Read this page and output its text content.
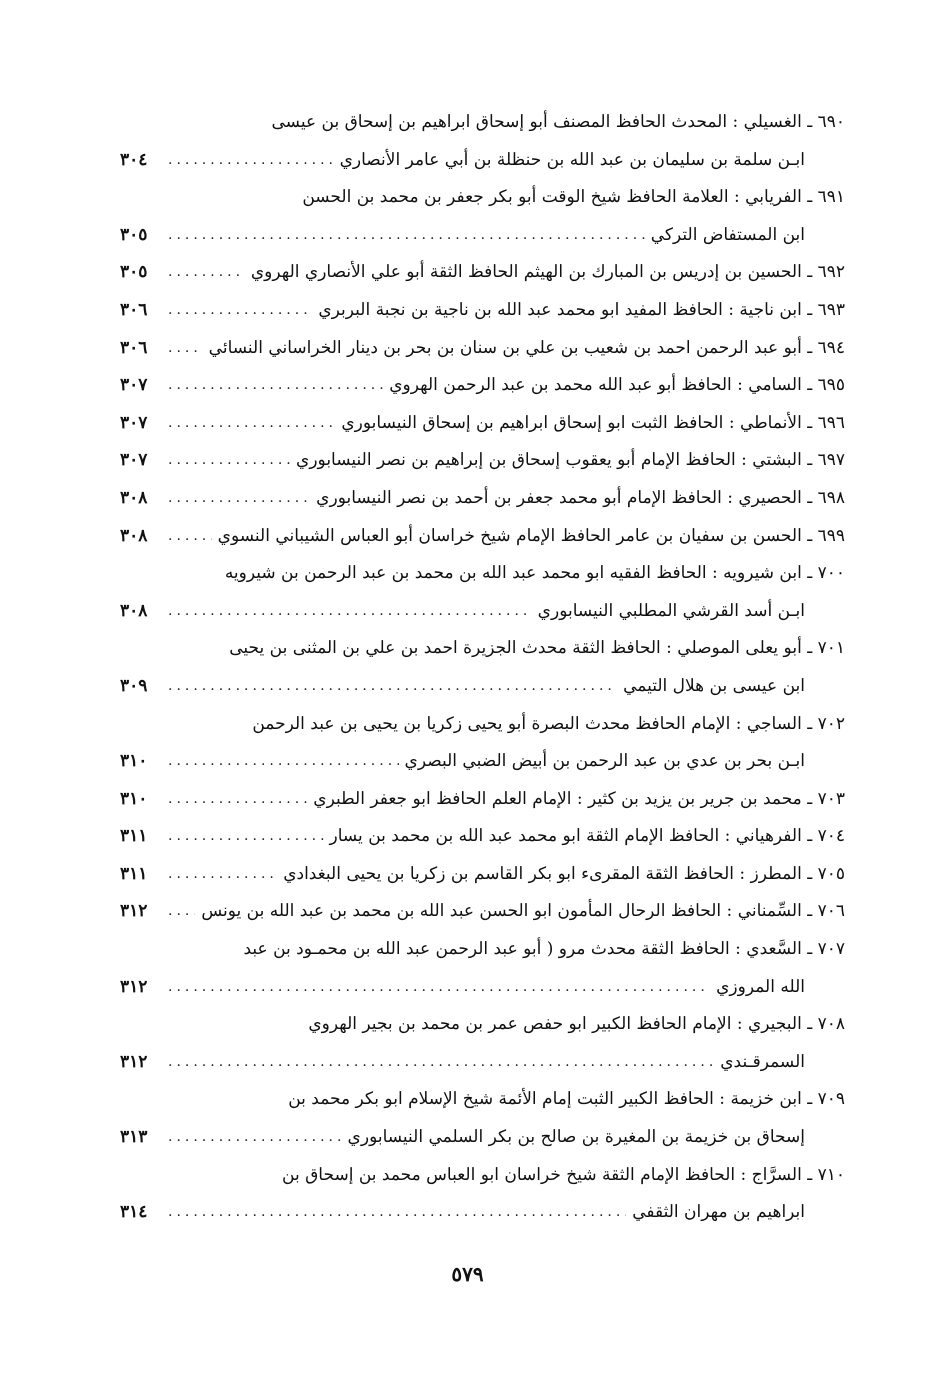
٦٩٠ ـ الغسيلي : المحدث الحافظ المصنف أبو إسحاق ابراهيم بن إسحاق بن عيسى
ابـن سلمة بن سليمان بن عبد الله بن حنظلة بن أبي عامر الأنصاري
.....
٣٠٤
٦٩١ ـ الفريابي : العلامة الحافظ شيخ الوقت أبو بكر جعفر بن محمد بن الحسن
ابن المستفاض التركي
.....
٣٠٥
٦٩٢ ـ الحسين بن إدريس بن المبارك بن الهيثم الحافظ الثقة أبو علي الأنصاري الهروي
.....
٣٠٥
٦٩٣ ـ ابن ناجية : الحافظ المفيد ابو محمد عبد الله بن ناجية بن نجبة البربري
.....
٣٠٦
٦٩٤ ـ أبو عبد الرحمن احمد بن شعيب بن علي بن سنان بن بحر بن دينار الخراساني النسائي
.....
٣٠٦
٦٩٥ ـ السامي : الحافظ أبو عبد الله محمد بن عبد الرحمن الهروي
.....
٣٠٧
٦٩٦ ـ الأنماطي : الحافظ الثبت ابو إسحاق ابراهيم بن إسحاق النيسابوري
.....
٣٠٧
٦٩٧ ـ البشتي : الحافظ الإمام أبو يعقوب إسحاق بن إبراهيم بن نصر النيسابوري
.....
٣٠٧
٦٩٨ ـ الحصيري : الحافظ الإمام أبو محمد جعفر بن أحمد بن نصر النيسابوري
.....
٣٠٨
٦٩٩ ـ الحسن بن سفيان بن عامر الحافظ الإمام شيخ خراسان أبو العباس الشيباني النسوي
.....
٣٠٨
٧٠٠ ـ ابن شيرويه : الحافظ الفقيه ابو محمد عبد الله بن محمد بن عبد الرحمن بن شيرويه
ابـن أسد القرشي المطلبي النيسابوري
.....
٣٠٨
٧٠١ ـ أبو يعلى الموصلي : الحافظ الثقة محدث الجزيرة احمد بن علي بن المثنى بن يحيى
ابن عيسى بن هلال التيمي
.....
٣٠٩
٧٠٢ ـ الساجي : الإمام الحافظ محدث البصرة أبو يحيى زكريا بن يحيى بن عبد الرحمن
ابـن بحر بن عدي بن عبد الرحمن بن أبيض الضبي البصري
.....
٣١٠
٧٠٣ ـ محمد بن جرير بن يزيد بن كثير : الإمام العلم الحافظ ابو جعفر الطبري
.....
٣١٠
٧٠٤ ـ الفرهياني : الحافظ الإمام الثقة ابو محمد عبد الله بن محمد بن يسار
.....
٣١١
٧٠٥ ـ المطرز : الحافظ الثقة المقرىء ابو بكر القاسم بن زكريا بن يحيى البغدادي
.....
٣١١
٧٠٦ ـ السِّمناني : الحافظ الرحال المأمون ابو الحسن عبد الله بن محمد بن عبد الله بن يونس
.....
٣١٢
٧٠٧ ـ السَّعدي : الحافظ الثقة محدث مرو ( أبو عبد الرحمن عبد الله بن محمـود بن عبد
الله المروزي
.....
٣١٢
٧٠٨ ـ البجيري : الإمام الحافظ الكبير ابو حفص عمر بن محمد بن بجير الهروي
السمرقـندي
.....
٣١٢
٧٠٩ ـ ابن خزيمة : الحافظ الكبير الثبت إمام الأئمة شيخ الإسلام ابو بكر محمد بن
إسحاق بن خزيمة بن المغيرة بن صالح بن بكر السلمي النيسابوري
.....
٣١٣
٧١٠ ـ السرَّاج : الحافظ الإمام الثقة شيخ خراسان ابو العباس محمد بن إسحاق بن
ابراهيم بن مهران الثقفي
.....
٣١٤
٥٧٩
